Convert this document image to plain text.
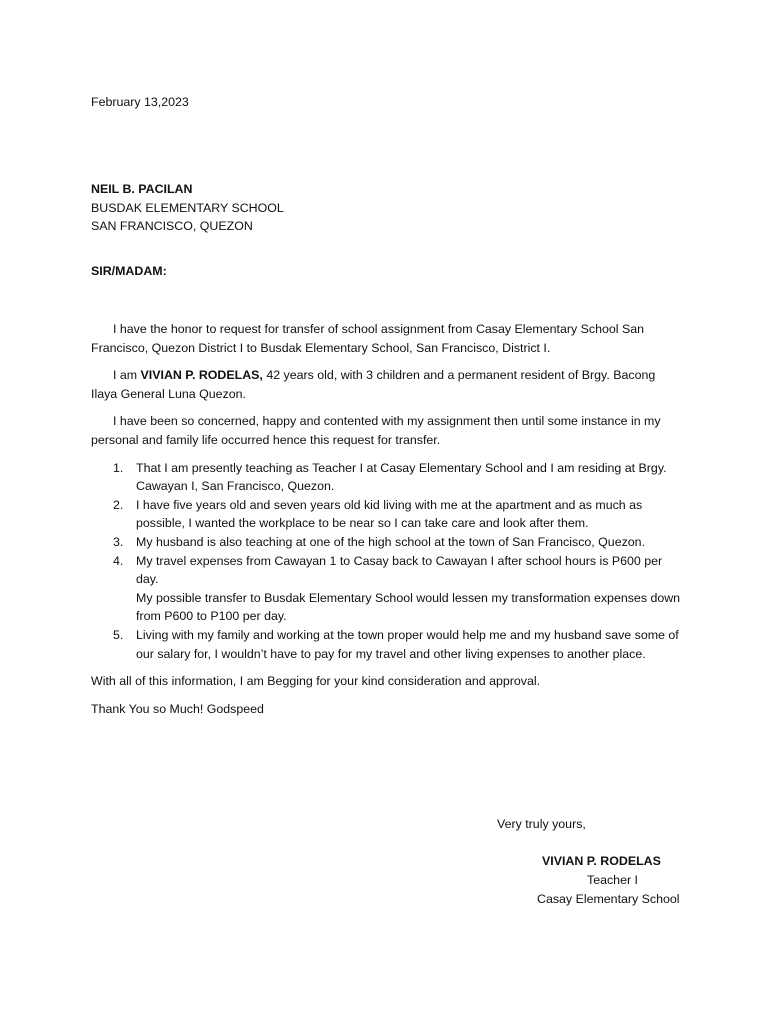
February 13,2023
NEIL B. PACILAN
BUSDAK ELEMENTARY SCHOOL
SAN FRANCISCO, QUEZON
SIR/MADAM:

I have the honor to request for transfer of school assignment from Casay Elementary School San Francisco, Quezon District I to Busdak Elementary School, San Francisco, District I.

I am VIVIAN P. RODELAS, 42 years old, with 3 children and a permanent resident of Brgy. Bacong Ilaya General Luna Quezon.

I have been so concerned, happy and contented with my assignment then until some instance in my personal and family life occurred hence this request for transfer.

1. That I am presently teaching as Teacher I at Casay Elementary School and I am residing at Brgy. Cawayan I, San Francisco, Quezon.
2. I have five years old and seven years old kid living with me at the apartment and as much as possible, I wanted the workplace to be near so I can take care and look after them.
3. My husband is also teaching at one of the high school at the town of San Francisco, Quezon.
4. My travel expenses from Cawayan 1 to Casay back to Cawayan I after school hours is P600 per day.
My possible transfer to Busdak Elementary School would lessen my transformation expenses down from P600 to P100 per day.
5. Living with my family and working at the town proper would help me and my husband save some of our salary for, I wouldn’t have to pay for my travel and other living expenses to another place.

With all of this information, I am Begging for your kind consideration and approval.

Thank You so Much! Godspeed

Very truly yours,
VIVIAN P. RODELAS
Teacher I
Casay Elementary School
